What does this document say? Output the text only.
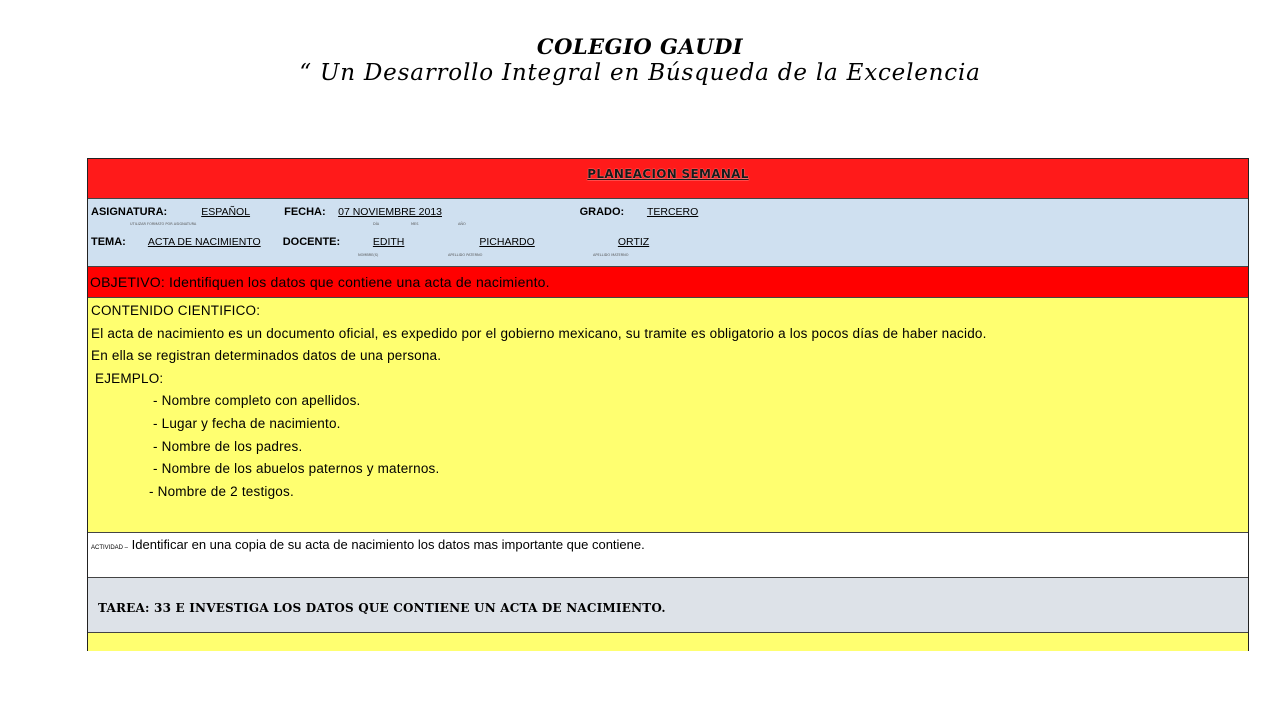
COLEGIO GAUDI
“ Un Desarrollo Integral en Búsqueda de la Excelencia
PLANEACION SEMANAL
ASIGNATURA:	ESPAÑOL	FECHA: 07 NOVIEMBRE 2013	GRADO: TERCERO
UTILIZAR FORMATO POR ASIGNATURA	DÍA	MES	AÑO
TEMA: ACTA DE NACIMIENTO DOCENTE:	EDITH	PICHARDO	ORTIZ
NOMBRE(S)	APELLIDO PATERNO	APELLIDO MATERNO
OBJETIVO: Identifiquen los datos que contiene una acta de nacimiento.
CONTENIDO CIENTIFICO:
El acta de nacimiento es un documento oficial, es expedido por el gobierno mexicano, su tramite es obligatorio a los pocos días de haber nacido.
En ella se registran determinados datos de una persona.
EJEMPLO:
- Nombre completo con apellidos.
- Lugar y fecha de nacimiento.
- Nombre de los padres.
- Nombre de los abuelos paternos y maternos.
- Nombre de 2 testigos.
ACTIVIDAD – Identificar en una copia de su acta de nacimiento los datos mas importante que contiene.
TAREA: 33 E INVESTIGA LOS DATOS QUE CONTIENE UN ACTA DE NACIMIENTO.
